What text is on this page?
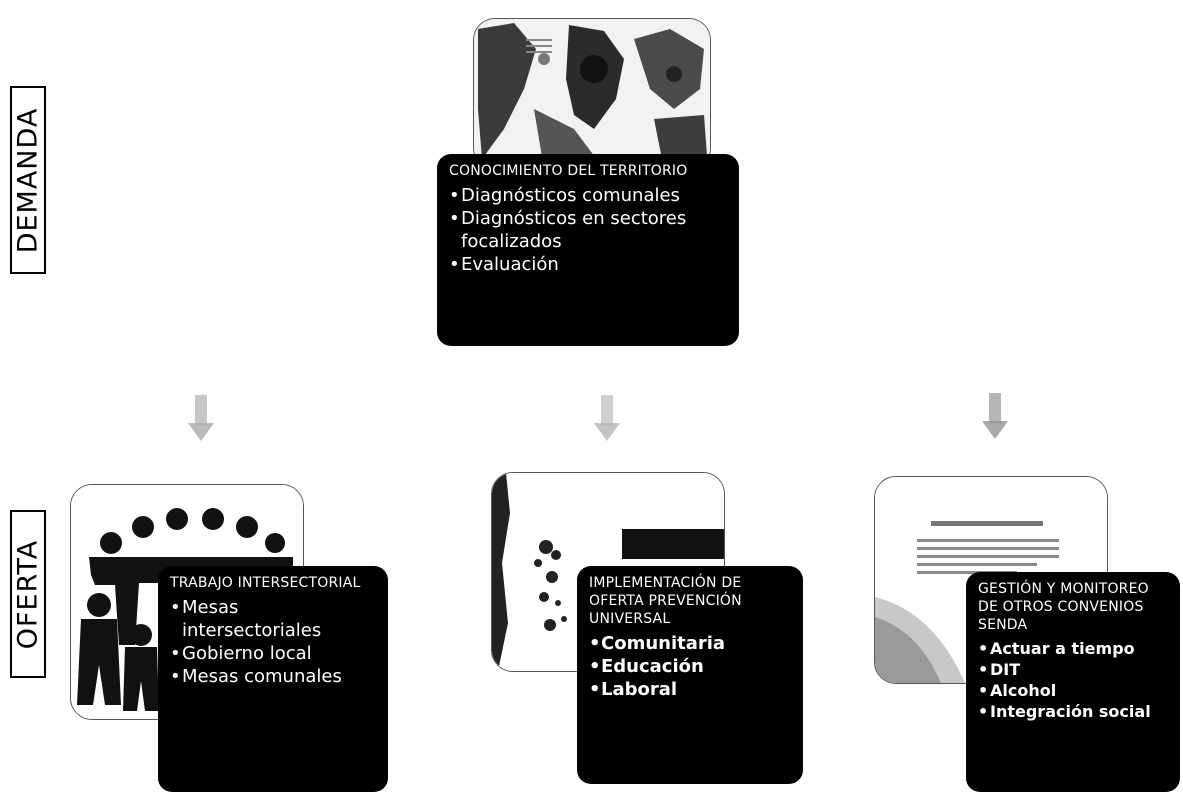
DEMANDA
OFERTA
CONOCIMIENTO DEL TERRITORIO
• Diagnósticos comunales
• Diagnósticos en sectores focalizados
• Evaluación
TRABAJO INTERSECTORIAL
• Mesas intersectoriales
• Gobierno local
• Mesas comunales
IMPLEMENTACIÓN DE OFERTA PREVENCIÓN UNIVERSAL
• Comunitaria
• Educación
• Laboral
GESTIÓN Y MONITOREO DE OTROS CONVENIOS SENDA
• Actuar a tiempo
• DIT
• Alcohol
• Integración social
